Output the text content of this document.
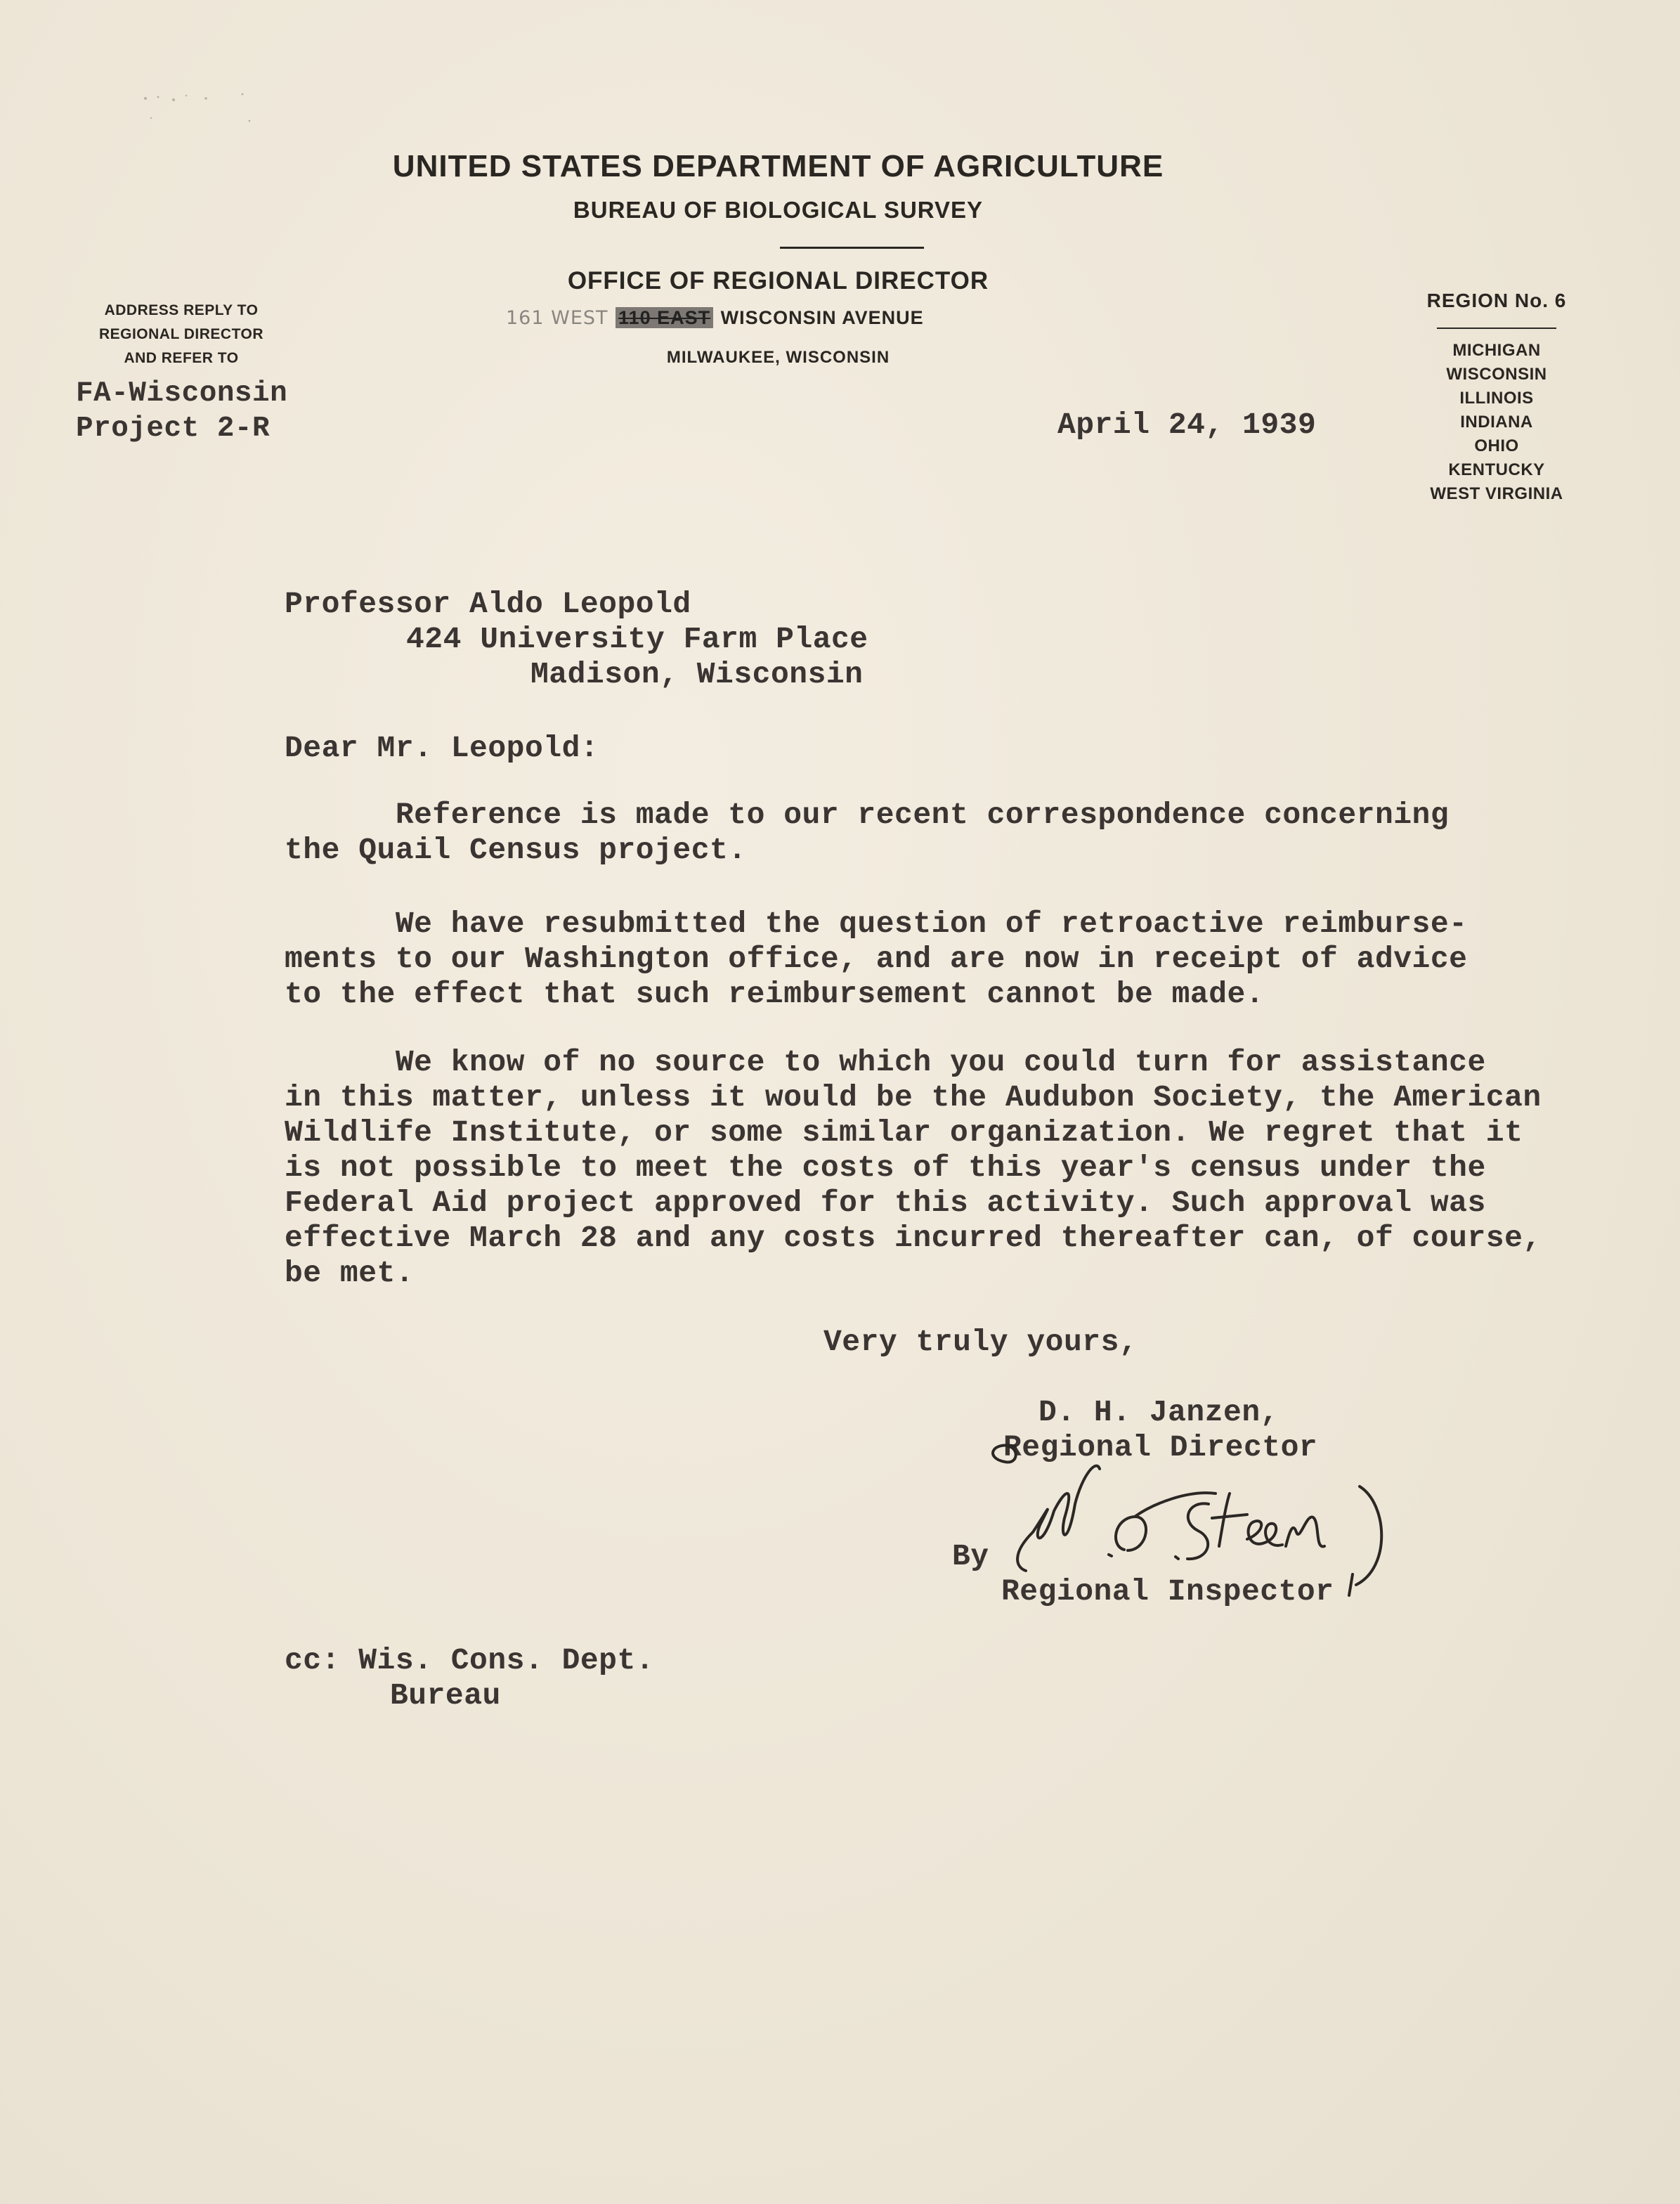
UNITED STATES DEPARTMENT OF AGRICULTURE
BUREAU OF BIOLOGICAL SURVEY
OFFICE OF REGIONAL DIRECTOR
161 WEST 110 EAST WISCONSIN AVENUE
MILWAUKEE, WISCONSIN
ADDRESS REPLY TO
REGIONAL DIRECTOR
AND REFER TO
FA-Wisconsin
Project 2-R
REGION No. 6
MICHIGAN
WISCONSIN
ILLINOIS
INDIANA
OHIO
KENTUCKY
WEST VIRGINIA
April 24, 1939
Professor Aldo Leopold
424 University Farm Place
Madison, Wisconsin
Dear Mr. Leopold:
Reference is made to our recent correspondence concerning
the Quail Census project.
We have resubmitted the question of retroactive reimburse-
ments to our Washington office, and are now in receipt of advice
to the effect that such reimbursement cannot be made.
We know of no source to which you could turn for assistance
in this matter, unless it would be the Audubon Society, the American
Wildlife Institute, or some similar organization. We regret that it
is not possible to meet the costs of this year's census under the
Federal Aid project approved for this activity. Such approval was
effective March 28 and any costs incurred thereafter can, of course,
be met.
Very truly yours,
D. H. Janzen,
Regional Director
By
Regional Inspector
cc: Wis. Cons. Dept.
Bureau
